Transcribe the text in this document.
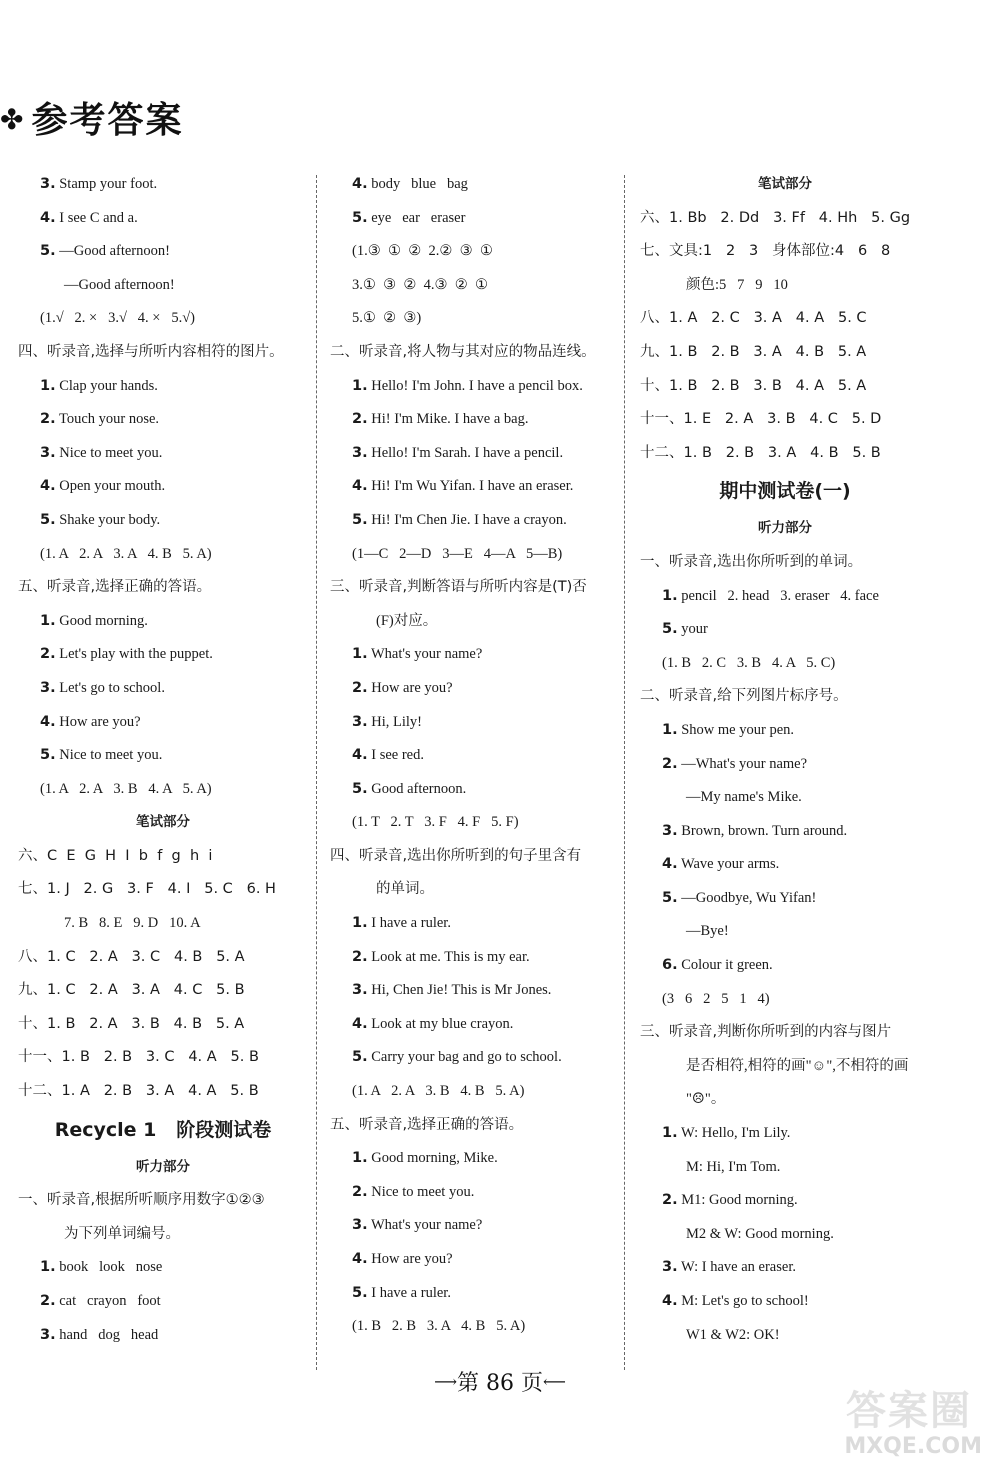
✤ 参考答案
3. Stamp your foot.
4. I see C and a.
5. —Good afternoon!
—Good afternoon!
(1.√   2. ×   3.√   4. ×   5.√)
四、听录音,选择与所听内容相符的图片。
1. Clap your hands.
2. Touch your nose.
3. Nice to meet you.
4. Open your mouth.
5. Shake your body.
(1. A   2. A   3. A   4. B   5. A)
五、听录音,选择正确的答语。
1. Good morning.
2. Let's play with the puppet.
3. Let's go to school.
4. How are you?
5. Nice to meet you.
(1. A   2. A   3. B   4. A   5. A)
笔试部分
六、C  E  G  H  I  b  f  g  h  i
七、1. J   2. G   3. F   4. I   5. C   6. H
7. B   8. E   9. D   10. A
八、1. C   2. A   3. C   4. B   5. A
九、1. C   2. A   3. A   4. C   5. B
十、1. B   2. A   3. B   4. B   5. A
十一、1. B   2. B   3. C   4. A   5. B
十二、1. A   2. B   3. A   4. A   5. B
Recycle 1   阶段测试卷
听力部分
一、听录音,根据所听顺序用数字①②③
为下列单词编号。
1. book   look   nose
2. cat   crayon   foot
3. hand   dog   head
4. body   blue   bag
5. eye   ear   eraser
(1.③  ①  ②  2.②  ③  ①
3.①  ③  ②  4.③  ②  ①
5.①  ②  ③)
二、听录音,将人物与其对应的物品连线。
1. Hello! I'm John. I have a pencil box.
2. Hi! I'm Mike. I have a bag.
3. Hello! I'm Sarah. I have a pencil.
4. Hi! I'm Wu Yifan. I have an eraser.
5. Hi! I'm Chen Jie. I have a crayon.
(1—C   2—D   3—E   4—A   5—B)
三、听录音,判断答语与所听内容是(T)否
(F)对应。
1. What's your name?
2. How are you?
3. Hi, Lily!
4. I see red.
5. Good afternoon.
(1. T   2. T   3. F   4. F   5. F)
四、听录音,选出你所听到的句子里含有
的单词。
1. I have a ruler.
2. Look at me. This is my ear.
3. Hi, Chen Jie! This is Mr Jones.
4. Look at my blue crayon.
5. Carry your bag and go to school.
(1. A   2. A   3. B   4. B   5. A)
五、听录音,选择正确的答语。
1. Good morning, Mike.
2. Nice to meet you.
3. What's your name?
4. How are you?
5. I have a ruler.
(1. B   2. B   3. A   4. B   5. A)
笔试部分
六、1. Bb   2. Dd   3. Ff   4. Hh   5. Gg
七、文具:1   2   3   身体部位:4   6   8
颜色:5   7   9   10
八、1. A   2. C   3. A   4. A   5. C
九、1. B   2. B   3. A   4. B   5. A
十、1. B   2. B   3. B   4. A   5. A
十一、1. E   2. A   3. B   4. C   5. D
十二、1. B   2. B   3. A   4. B   5. B
期中测试卷(一)
听力部分
一、听录音,选出你所听到的单词。
1. pencil   2. head   3. eraser   4. face
5. your
(1. B   2. C   3. B   4. A   5. C)
二、听录音,给下列图片标序号。
1. Show me your pen.
2. —What's your name?
—My name's Mike.
3. Brown, brown. Turn around.
4. Wave your arms.
5. —Goodbye, Wu Yifan!
—Bye!
6. Colour it green.
(3   6   2   5   1   4)
三、听录音,判断你所听到的内容与图片
是否相符,相符的画"☺",不相符的画
"☹"。
1. W: Hello, I'm Lily.
M: Hi, I'm Tom.
2. M1: Good morning.
M2 & W: Good morning.
3. W: I have an eraser.
4. M: Let's go to school!
W1 & W2: OK!
⟶第 86 页⟵
答案圈
MXQE.COM
